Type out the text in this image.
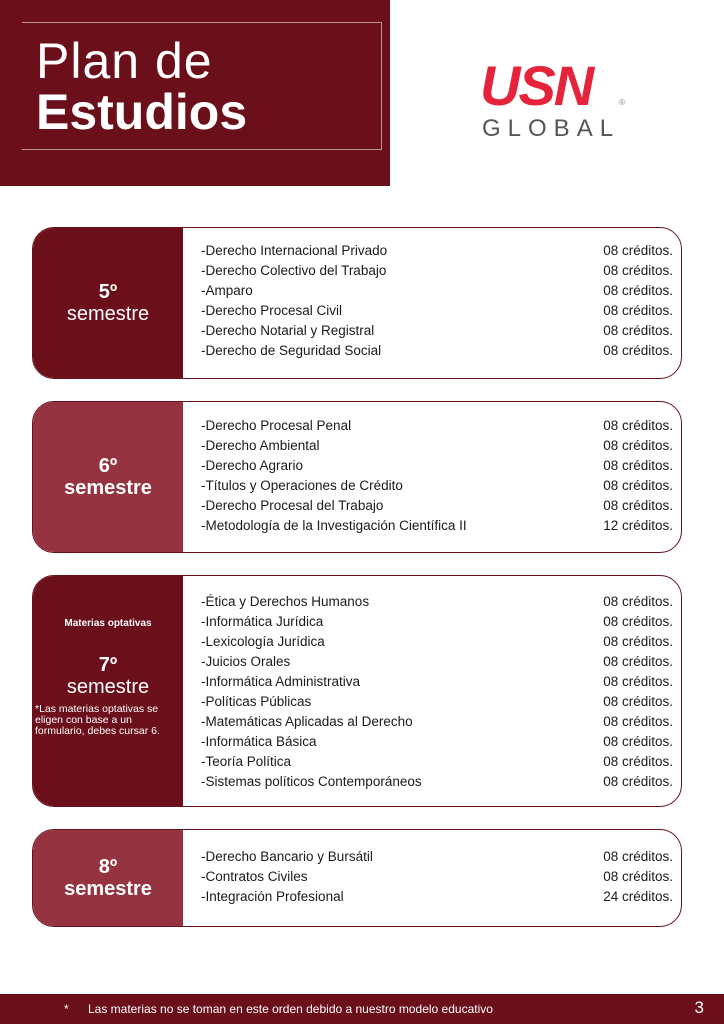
Plan de
Estudios	USN	®
GLOBAL
5º
semestre
-Derecho Internacional Privado	08 créditos.
-Derecho Colectivo del Trabajo	08 créditos.
-Amparo	08 créditos.
-Derecho Procesal Civil	08 créditos.
-Derecho Notarial y Registral	08 créditos.
-Derecho de Seguridad Social	08 créditos.
6º
semestre
-Derecho Procesal Penal	08 créditos.
-Derecho Ambiental	08 créditos.
-Derecho Agrario	08 créditos.
-Títulos y Operaciones de Crédito	08 créditos.
-Derecho Procesal del Trabajo	08 créditos.
-Metodología de la Investigación Científica II	12 créditos.
Materias optativas
7º
semestre
*Las materias optativas se eligen con base a un formulario, debes cursar 6.
-Ética y Derechos Humanos	08 créditos.
-Informática Jurídica	08 créditos.
-Lexicología Jurídica	08 créditos.
-Juicios Orales	08 créditos.
-Informática Administrativa	08 créditos.
-Políticas Públicas	08 créditos.
-Matemáticas Aplicadas al Derecho	08 créditos.
-Informática Básica	08 créditos.
-Teoría Política	08 créditos.
-Sistemas políticos Contemporáneos	08 créditos.
8º
semestre
-Derecho Bancario y Bursátil	08 créditos.
-Contratos Civiles	08 créditos.
-Integración Profesional	24 créditos.
* Las materias no se toman en este orden debido a nuestro modelo educativo	3
